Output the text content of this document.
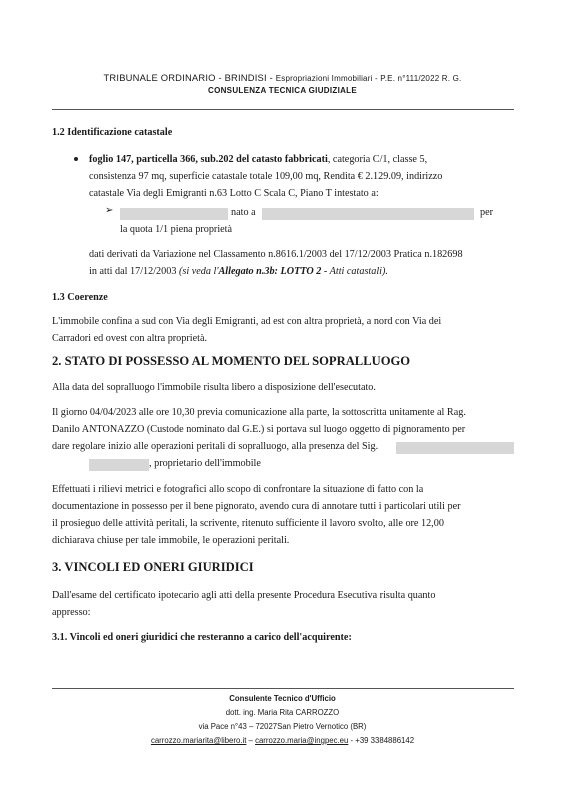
TRIBUNALE ORDINARIO - BRINDISI - Espropriazioni Immobiliari - P.E. n°111/2022 R. G.
CONSULENZA TECNICA GIUDIZIALE
1.2 Identificazione catastale
foglio 147, particella 366, sub.202 del catasto fabbricati, categoria C/1, classe 5,
consistenza 97 mq, superficie catastale totale 109,00 mq, Rendita € 2.129.09, indirizzo
catastale Via degli Emigranti n.63 Lotto C Scala C, Piano T intestato a:
➢	nato a	per
la quota 1/1 piena proprietà
dati derivati da Variazione nel Classamento n.8616.1/2003 del 17/12/2003 Pratica n.182698
in atti dal 17/12/2003 (si veda l'Allegato n.3b: LOTTO 2 - Atti catastali).
1.3 Coerenze
L'immobile confina a sud con Via degli Emigranti, ad est con altra proprietà, a nord con Via dei
Carradori ed ovest con altra proprietà.
2. STATO DI POSSESSO AL MOMENTO DEL SOPRALLUOGO
Alla data del sopralluogo l'immobile risulta libero a disposizione dell'esecutato.
Il giorno 04/04/2023 alle ore 10,30 previa comunicazione alla parte, la sottoscritta unitamente al Rag.
Danilo ANTONAZZO (Custode nominato dal G.E.) si portava sul luogo oggetto di pignoramento per
dare regolare inizio alle operazioni peritali di sopralluogo, alla presenza del Sig.
, proprietario dell'immobile
Effettuati i rilievi metrici e fotografici allo scopo di confrontare la situazione di fatto con la
documentazione in possesso per il bene pignorato, avendo cura di annotare tutti i particolari utili per
il prosieguo delle attività peritali, la scrivente, ritenuto sufficiente il lavoro svolto, alle ore 12,00
dichiarava chiuse per tale immobile, le operazioni peritali.
3. VINCOLI ED ONERI GIURIDICI
Dall'esame del certificato ipotecario agli atti della presente Procedura Esecutiva risulta quanto
appresso:
3.1. Vincoli ed oneri giuridici che resteranno a carico dell'acquirente:
Consulente Tecnico d'Ufficio
dott. ing. Maria Rita CARROZZO
via Pace n°43 – 72027San Pietro Vernotico (BR)
carrozzo.mariarita@libero.it – carrozzo.maria@ingpec.eu - +39 3384886142
